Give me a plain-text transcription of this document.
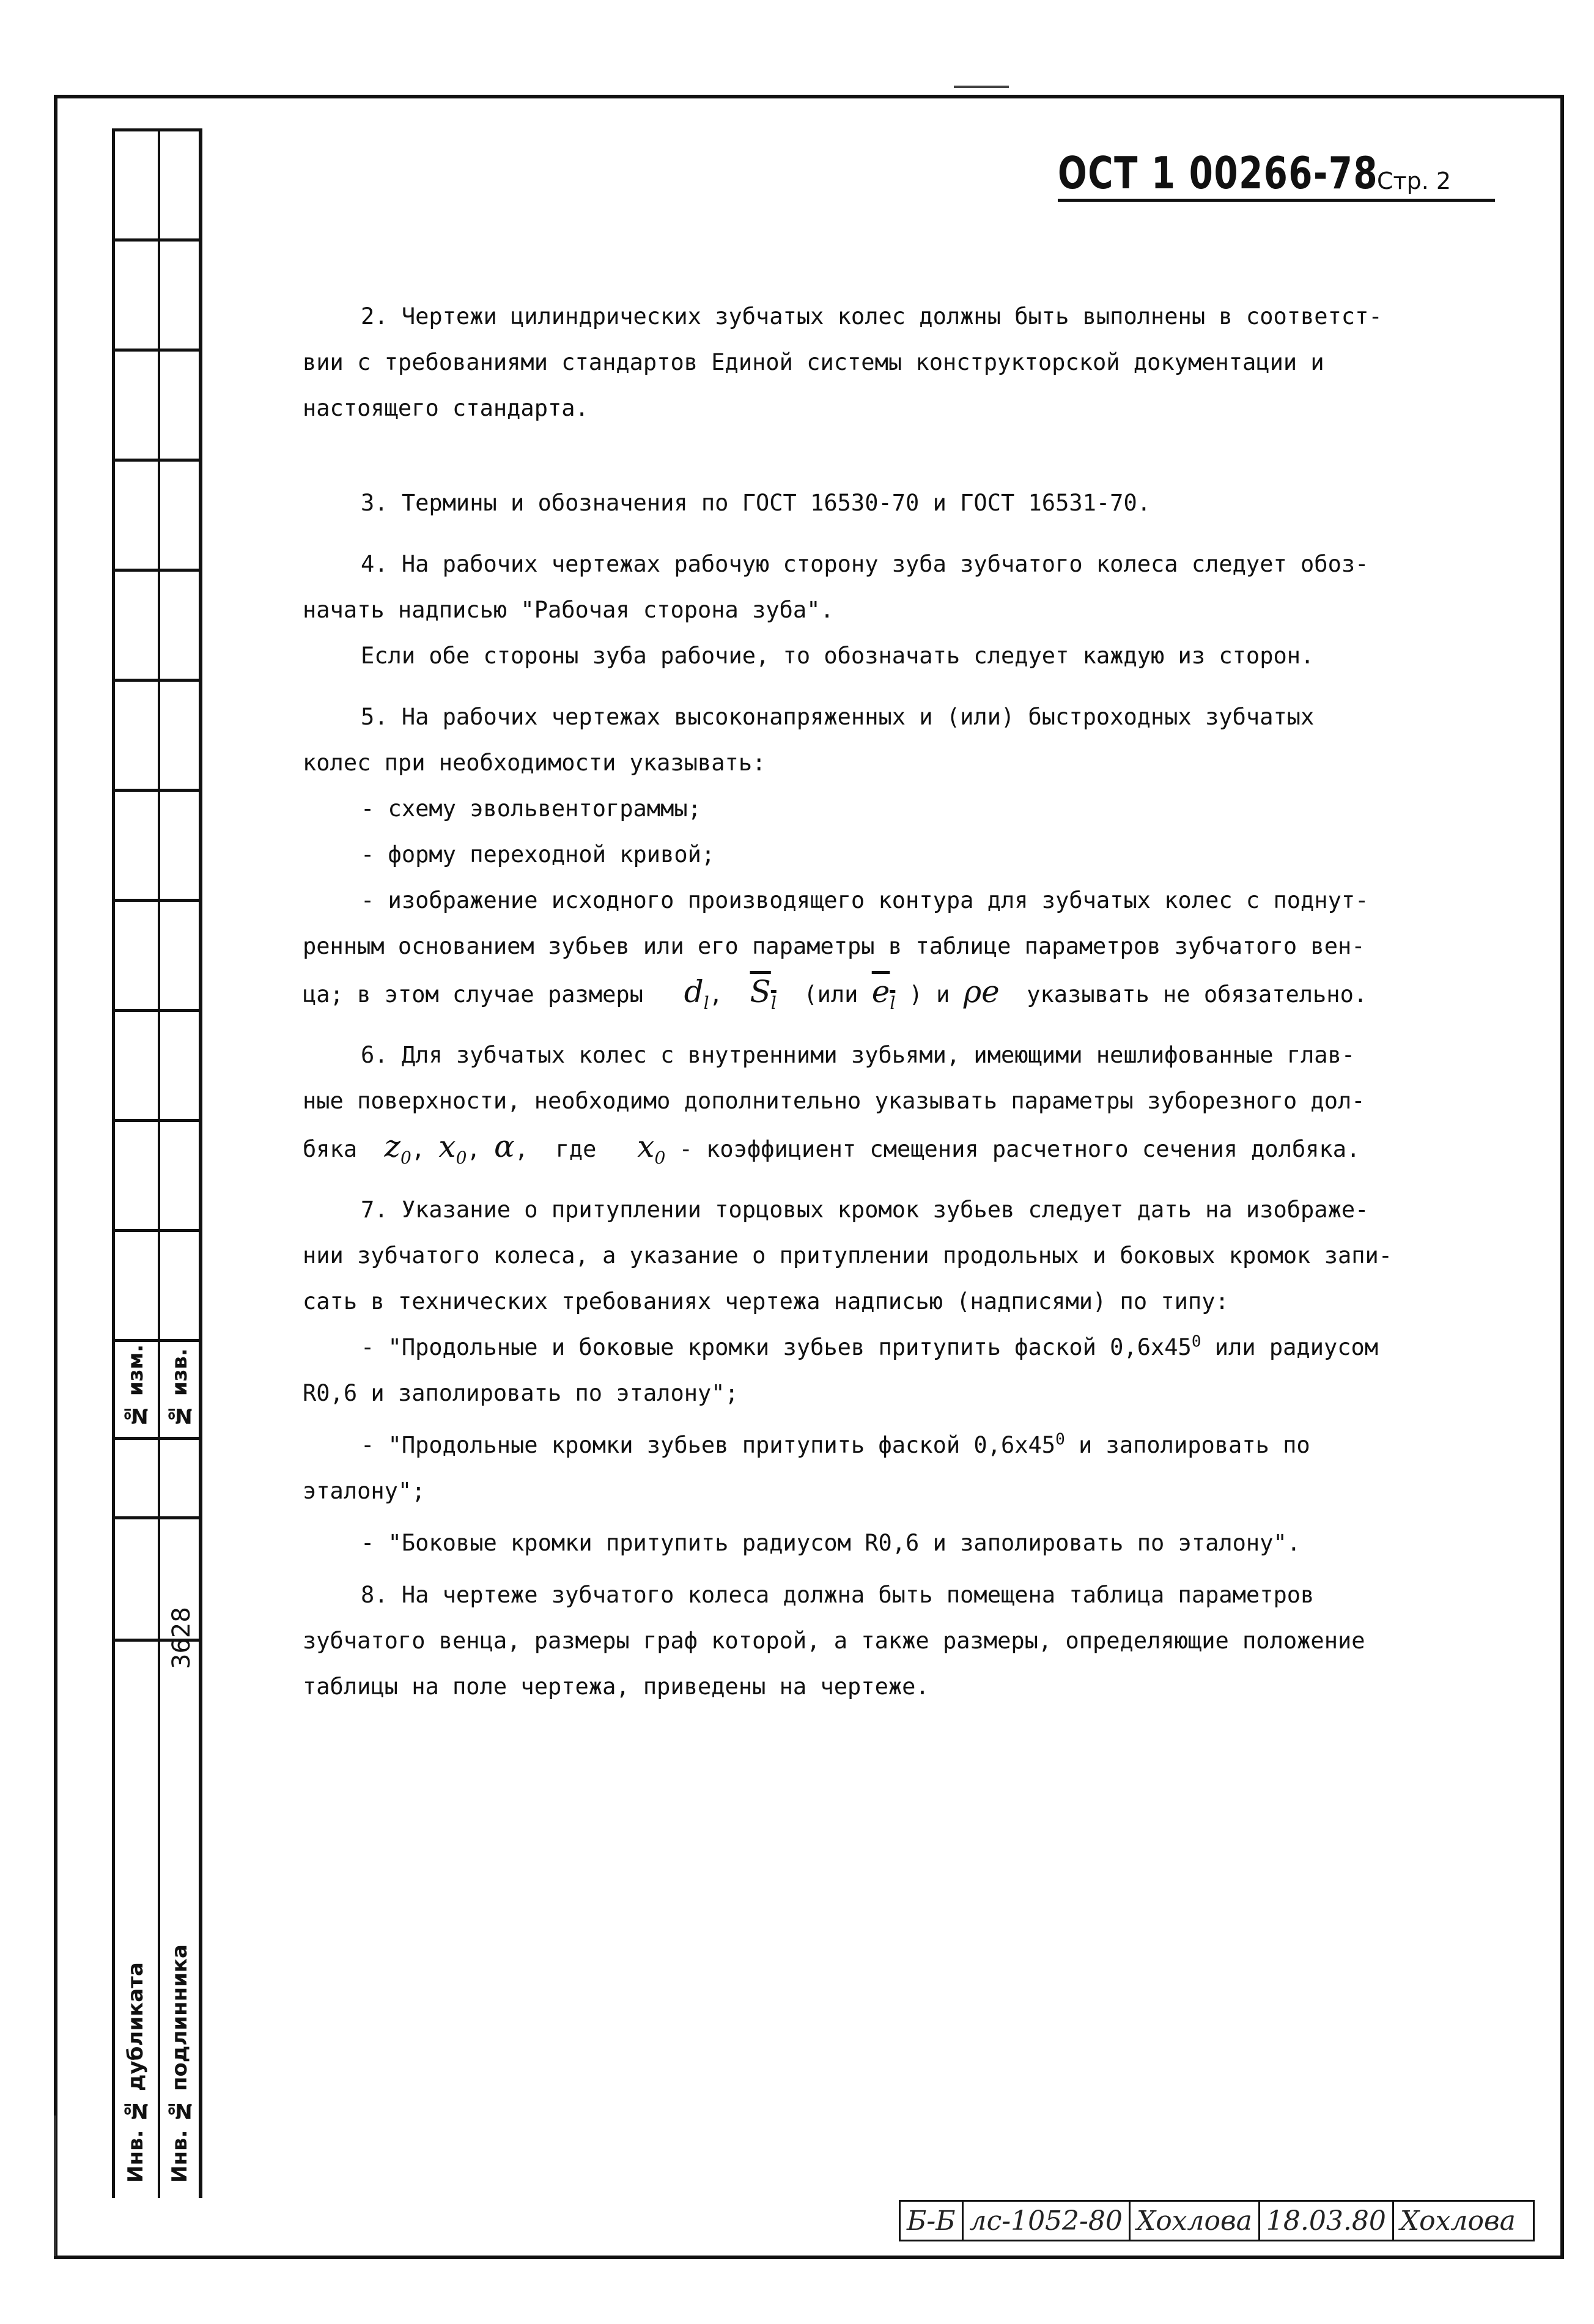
№ изм. № изв.
3628
Инв. № дубликата Инв. № подлинника
ОСТ 1 00266-78
Стр. 2

2. Чертежи цилиндрических зубчатых колес должны быть выполнены в соответст-

вии с требованиями стандартов Единой системы конструкторской документации и

настоящего стандарта.

3. Термины и обозначения по ГОСТ 16530-70 и ГОСТ 16531-70.

4. На рабочих чертежах рабочую сторону зуба зубчатого колеса следует обоз-

начать надписью "Рабочая сторона зуба".

Если обе стороны зуба рабочие, то обозначать следует каждую из сторон.

5. На рабочих чертежах высоконапряженных и (или) быстроходных зубчатых

колес при необходимости указывать:

- схему эвольвентограммы;

- форму переходной кривой;

- изображение исходного производящего контура для зубчатых колес с поднут-

ренным основанием зубьев или его параметры в таблице параметров зубчатого вен-

ца; в этом случае размеры $d_l$,  $S_l$ (или $e_l$ ) и ρe указывать не обязательно.

6. Для зубчатых колес с внутренними зубьями, имеющими нешлифованные глав-

ные поверхности, необходимо дополнительно указывать параметры зуборезного дол-

бяка $z_0$, $x_0$, α,  где $x_0$ - коэффициент смещения расчетного сечения долбяка.

7. Указание о притуплении торцовых кромок зубьев следует дать на изображе-

нии зубчатого колеса, а указание о притуплении продольных и боковых кромок запи-

сать в технических требованиях чертежа надписью (надписями) по типу:

- "Продольные и боковые кромки зубьев притупить фаской $0,6х45^0$ или радиусом

R0,6 и заполировать по эталону";

- "Продольные кромки зубьев притупить фаской $0,6х45^0$ и заполировать по

эталону";

- "Боковые кромки притупить радиусом R0,6 и заполировать по эталону".

8. На чертеже зубчатого колеса должна быть помещена таблица параметров

зубчатого венца, размеры граф которой, а также размеры, определяющие положение

таблицы на поле чертежа, приведены на чертеже.

Б-Б лс-1052-80 Хохлова 18.03.80 Хохлова
